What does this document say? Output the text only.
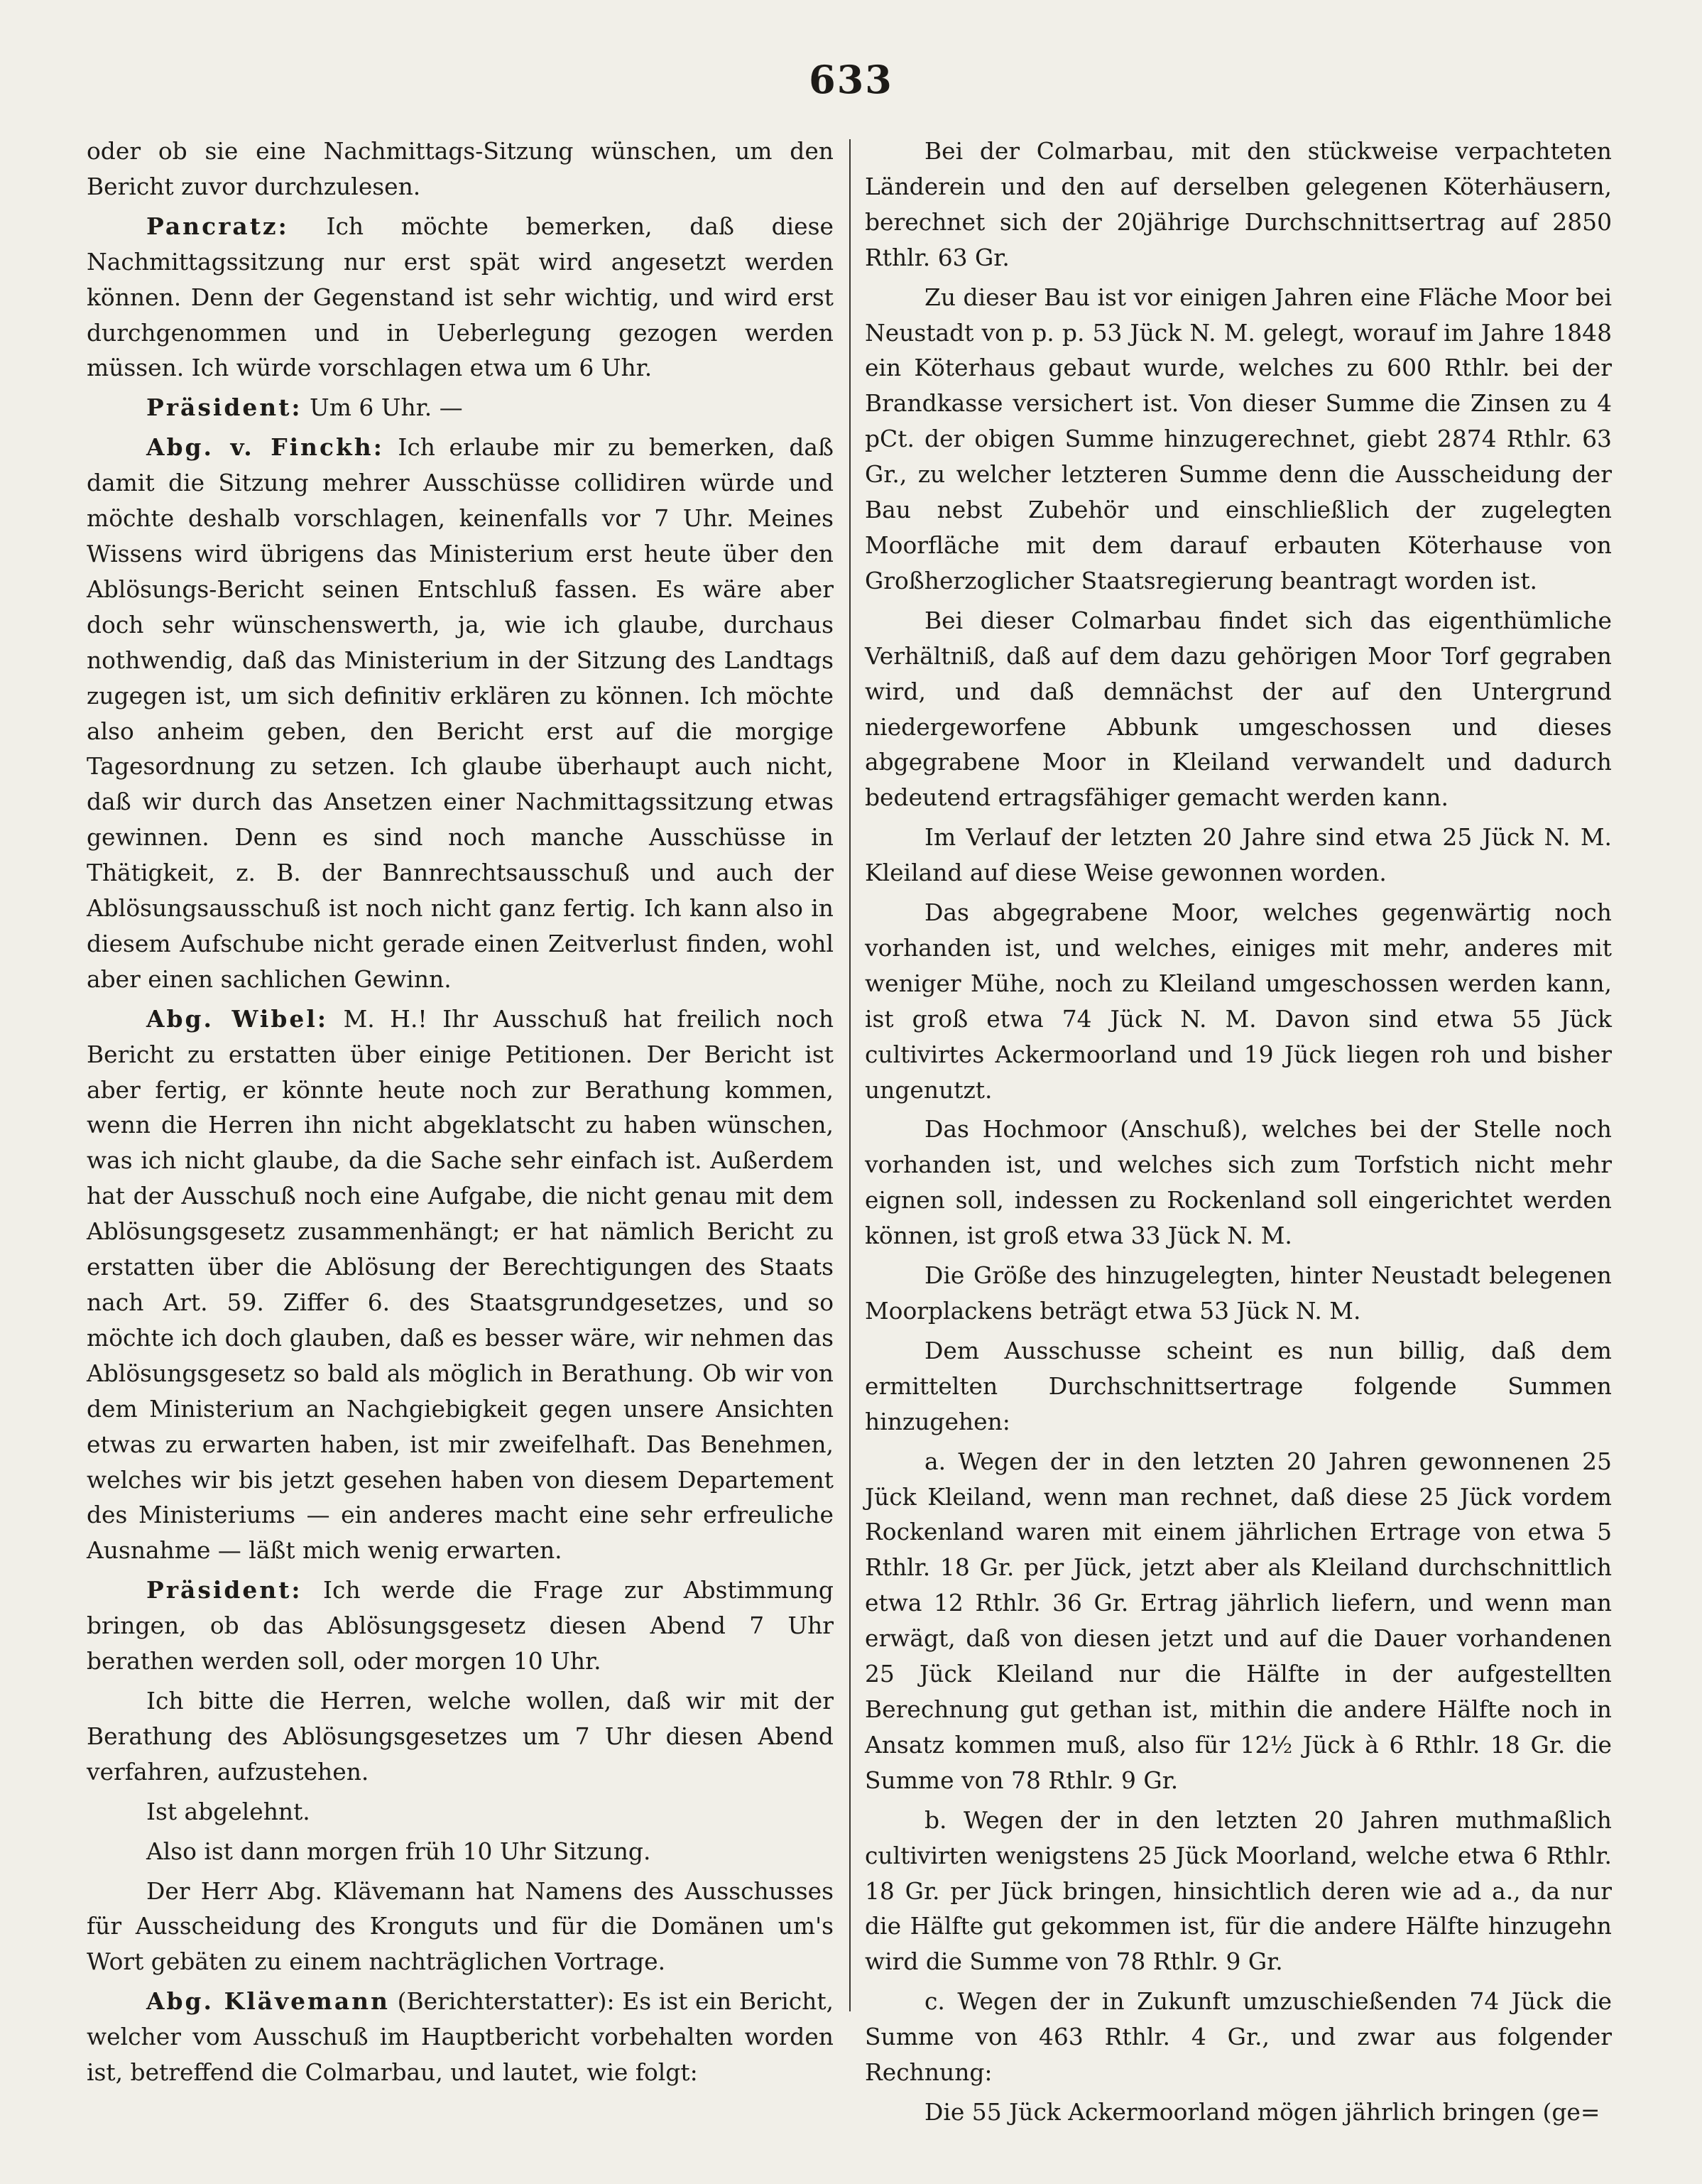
633

oder ob sie eine Nachmittags-Sitzung wünschen, um den Bericht zuvor durchzulesen.

Pancratz: Ich möchte bemerken, daß diese Nachmittagssitzung nur erst spät wird angesetzt werden können. Denn der Gegenstand ist sehr wichtig, und wird erst durchgenommen und in Ueberlegung gezogen werden müssen. Ich würde vorschlagen etwa um 6 Uhr.

Präsident: Um 6 Uhr. —

Abg. v. Finckh: Ich erlaube mir zu bemerken, daß damit die Sitzung mehrer Ausschüsse collidiren würde und möchte deshalb vorschlagen, keinenfalls vor 7 Uhr. Meines Wissens wird übrigens das Ministerium erst heute über den Ablösungs-Bericht seinen Entschluß fassen. Es wäre aber doch sehr wünschenswerth, ja, wie ich glaube, durchaus nothwendig, daß das Ministerium in der Sitzung des Landtags zugegen ist, um sich definitiv erklären zu können. Ich möchte also anheim geben, den Bericht erst auf die morgige Tagesordnung zu setzen. Ich glaube überhaupt auch nicht, daß wir durch das Ansetzen einer Nachmittagssitzung etwas gewinnen. Denn es sind noch manche Ausschüsse in Thätigkeit, z. B. der Bannrechtsausschuß und auch der Ablösungsausschuß ist noch nicht ganz fertig. Ich kann also in diesem Aufschube nicht gerade einen Zeitverlust finden, wohl aber einen sachlichen Gewinn.

Abg. Wibel: M. H.! Ihr Ausschuß hat freilich noch Bericht zu erstatten über einige Petitionen. Der Bericht ist aber fertig, er könnte heute noch zur Berathung kommen, wenn die Herren ihn nicht abgeklatscht zu haben wünschen, was ich nicht glaube, da die Sache sehr einfach ist. Außerdem hat der Ausschuß noch eine Aufgabe, die nicht genau mit dem Ablösungsgesetz zusammenhängt; er hat nämlich Bericht zu erstatten über die Ablösung der Berechtigungen des Staats nach Art. 59. Ziffer 6. des Staatsgrundgesetzes, und so möchte ich doch glauben, daß es besser wäre, wir nehmen das Ablösungsgesetz so bald als möglich in Berathung. Ob wir von dem Ministerium an Nachgiebigkeit gegen unsere Ansichten etwas zu erwarten haben, ist mir zweifelhaft. Das Benehmen, welches wir bis jetzt gesehen haben von diesem Departement des Ministeriums — ein anderes macht eine sehr erfreuliche Ausnahme — läßt mich wenig erwarten.

Präsident: Ich werde die Frage zur Abstimmung bringen, ob das Ablösungsgesetz diesen Abend 7 Uhr berathen werden soll, oder morgen 10 Uhr.

Ich bitte die Herren, welche wollen, daß wir mit der Berathung des Ablösungsgesetzes um 7 Uhr diesen Abend verfahren, aufzustehen.

Ist abgelehnt.

Also ist dann morgen früh 10 Uhr Sitzung.

Der Herr Abg. Klävemann hat Namens des Ausschusses für Ausscheidung des Kronguts und für die Domänen um's Wort gebäten zu einem nachträglichen Vortrage.

Abg. Klävemann (Berichterstatter): Es ist ein Bericht, welcher vom Ausschuß im Hauptbericht vorbehalten worden ist, betreffend die Colmarbau, und lautet, wie folgt:

Bei der Colmarbau, mit den stückweise verpachteten Länderein und den auf derselben gelegenen Köterhäusern, berechnet sich der 20jährige Durchschnittsertrag auf 2850 Rthlr. 63 Gr.

Zu dieser Bau ist vor einigen Jahren eine Fläche Moor bei Neustadt von p. p. 53 Jück N. M. gelegt, worauf im Jahre 1848 ein Köterhaus gebaut wurde, welches zu 600 Rthlr. bei der Brandkasse versichert ist. Von dieser Summe die Zinsen zu 4 pCt. der obigen Summe hinzugerechnet, giebt 2874 Rthlr. 63 Gr., zu welcher letzteren Summe denn die Ausscheidung der Bau nebst Zubehör und einschließlich der zugelegten Moorfläche mit dem darauf erbauten Köterhause von Großherzoglicher Staatsregierung beantragt worden ist.

Bei dieser Colmarbau findet sich das eigenthümliche Verhältniß, daß auf dem dazu gehörigen Moor Torf gegraben wird, und daß demnächst der auf den Untergrund niedergeworfene Abbunk umgeschossen und dieses abgegrabene Moor in Kleiland verwandelt und dadurch bedeutend ertragsfähiger gemacht werden kann.

Im Verlauf der letzten 20 Jahre sind etwa 25 Jück N. M. Kleiland auf diese Weise gewonnen worden.

Das abgegrabene Moor, welches gegenwärtig noch vorhanden ist, und welches, einiges mit mehr, anderes mit weniger Mühe, noch zu Kleiland umgeschossen werden kann, ist groß etwa 74 Jück N. M. Davon sind etwa 55 Jück cultivirtes Ackermoorland und 19 Jück liegen roh und bisher ungenutzt.

Das Hochmoor (Anschuß), welches bei der Stelle noch vorhanden ist, und welches sich zum Torfstich nicht mehr eignen soll, indessen zu Rockenland soll eingerichtet werden können, ist groß etwa 33 Jück N. M.

Die Größe des hinzugelegten, hinter Neustadt belegenen Moorplackens beträgt etwa 53 Jück N. M.

Dem Ausschusse scheint es nun billig, daß dem ermittelten Durchschnittsertrage folgende Summen hinzugehen:

a. Wegen der in den letzten 20 Jahren gewonnenen 25 Jück Kleiland, wenn man rechnet, daß diese 25 Jück vordem Rockenland waren mit einem jährlichen Ertrage von etwa 5 Rthlr. 18 Gr. per Jück, jetzt aber als Kleiland durchschnittlich etwa 12 Rthlr. 36 Gr. Ertrag jährlich liefern, und wenn man erwägt, daß von diesen jetzt und auf die Dauer vorhandenen 25 Jück Kleiland nur die Hälfte in der aufgestellten Berechnung gut gethan ist, mithin die andere Hälfte noch in Ansatz kommen muß, also für 12½ Jück à 6 Rthlr. 18 Gr. die Summe von 78 Rthlr. 9 Gr.

b. Wegen der in den letzten 20 Jahren muthmaßlich cultivirten wenigstens 25 Jück Moorland, welche etwa 6 Rthlr. 18 Gr. per Jück bringen, hinsichtlich deren wie ad a., da nur die Hälfte gut gekommen ist, für die andere Hälfte hinzugehn wird die Summe von 78 Rthlr. 9 Gr.

c. Wegen der in Zukunft umzuschießenden 74 Jück die Summe von 463 Rthlr. 4 Gr., und zwar aus folgender Rechnung:

Die 55 Jück Ackermoorland mögen jährlich bringen (ge=
